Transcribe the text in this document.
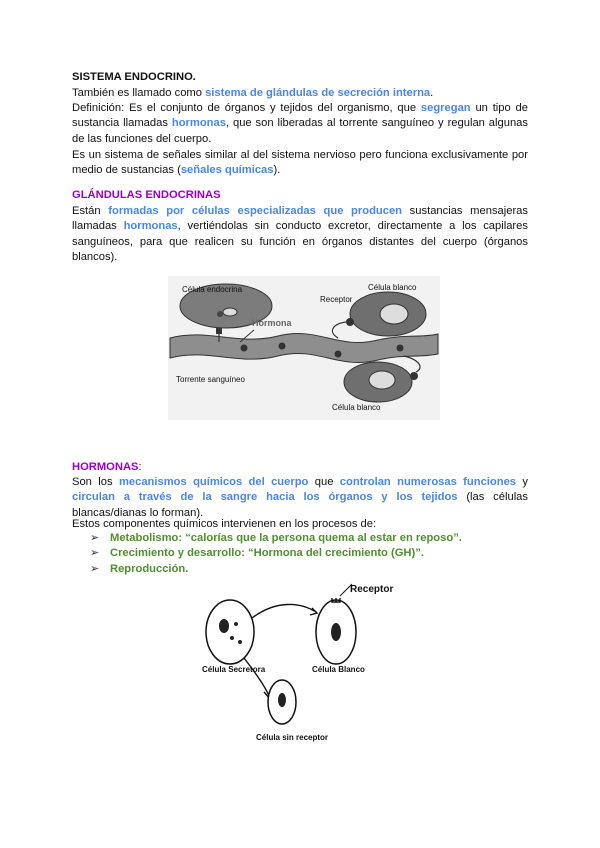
SISTEMA ENDOCRINO.

También es llamado como sistema de glándulas de secreción interna.

Definición: Es el conjunto de órganos y tejidos del organismo, que segregan un tipo de sustancia llamadas hormonas, que son liberadas al torrente sanguíneo y regulan algunas de las funciones del cuerpo.

Es un sistema de señales similar al del sistema nervioso pero funciona exclusivamente por medio de sustancias (señales químicas).

GLÁNDULAS ENDOCRINAS

Están formadas por células especializadas que producen sustancias mensajeras llamadas hormonas, vertiéndolas sin conducto excretor, directamente a los capilares sanguíneos, para que realicen su función en órganos distantes del cuerpo (órganos blancos).

Célula endocrina	Célula blanco
Receptor
Hormona
Torrente sanguíneo
Célula blanco

HORMONAS:

Son los mecanismos químicos del cuerpo que controlan numerosas funciones y circulan a través de la sangre hacia los órganos y los tejidos (las células blancas/dianas lo forman).

Estos componentes químicos intervienen en los procesos de:

➢ Metabolismo: “calorías que la persona quema al estar en reposo”.
➢ Crecimiento y desarrollo: “Hormona del crecimiento (GH)”.
➢ Reproducción.
Receptor
Célula Secretora	Célula Blanco
Célula sin receptor
